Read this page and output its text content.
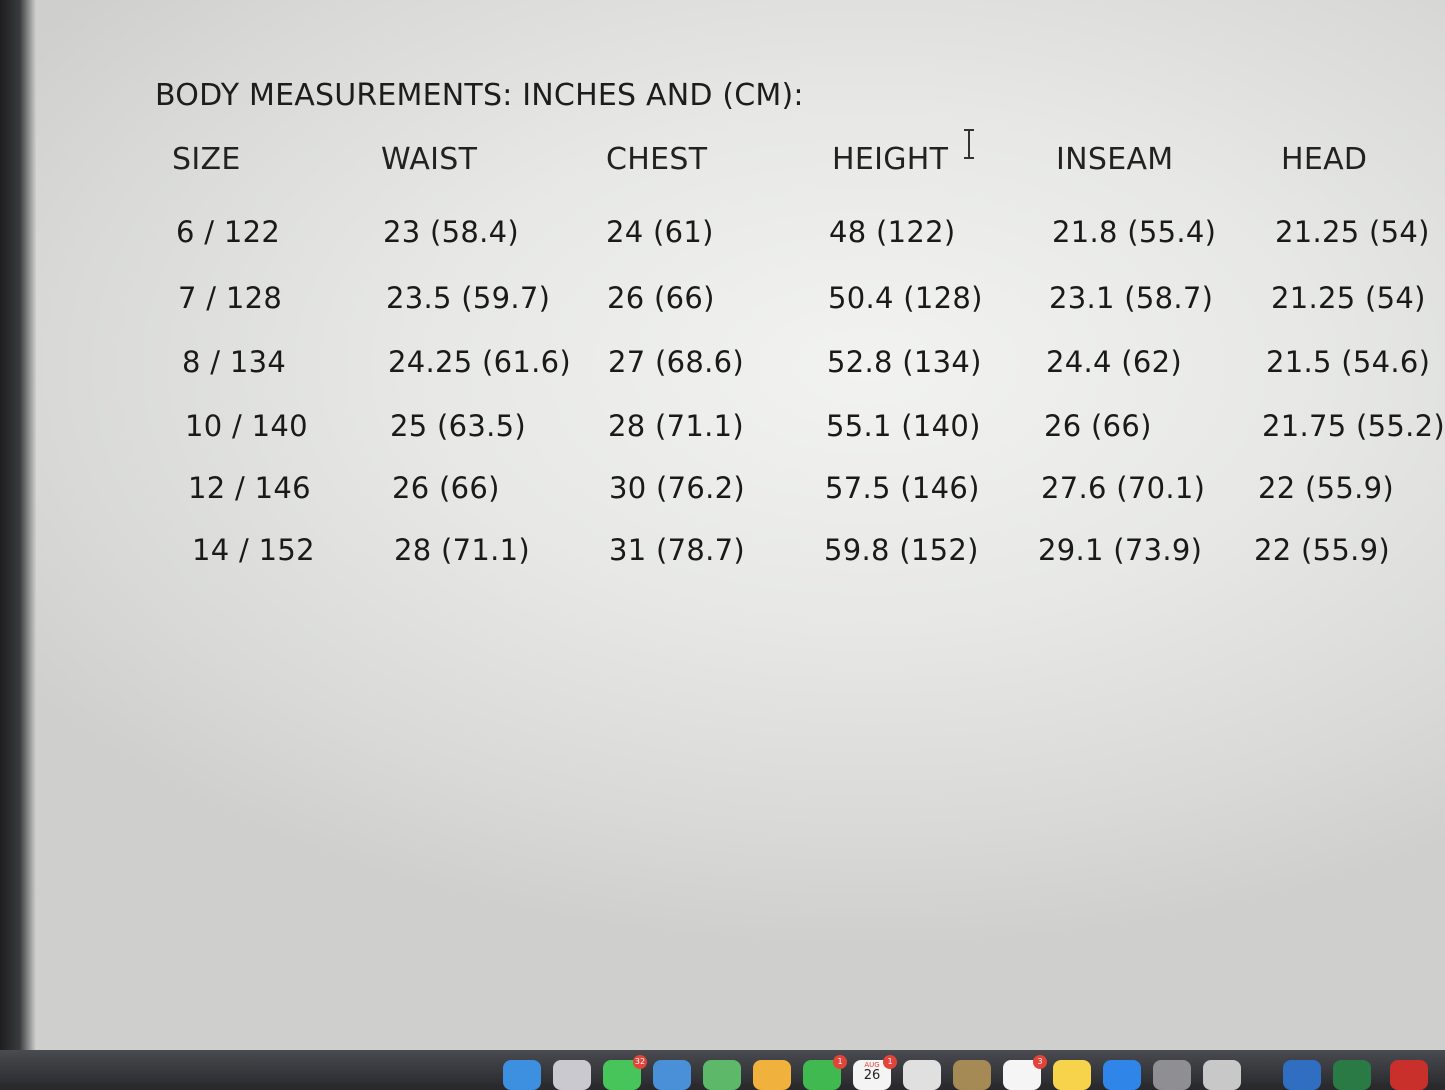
BODY MEASUREMENTS: INCHES AND (CM):
SIZE	WAIST	CHEST	HEIGHT	INSEAM	HEAD
6 / 122	23 (58.4)	24 (61)	48 (122)	21.8 (55.4) 21.25 (54)
7 / 128	23.5 (59.7) 26 (66)	50.4 (128) 23.1 (58.7) 21.25 (54)
8 / 134	24.25 (61.6) 27 (68.6)	52.8 (134) 24.4 (62)	21.5 (54.6)
10 / 140	25 (63.5)	28 (71.1)	55.1 (140) 26 (66)	21.75 (55.2)
12 / 146	26 (66)	30 (76.2)	57.5 (146) 27.6 (70.1) 22 (55.9)
14 / 152	28 (71.1)	31 (78.7)	59.8 (152) 29.1 (73.9) 22 (55.9)
32	1	AUG
26
1	3
